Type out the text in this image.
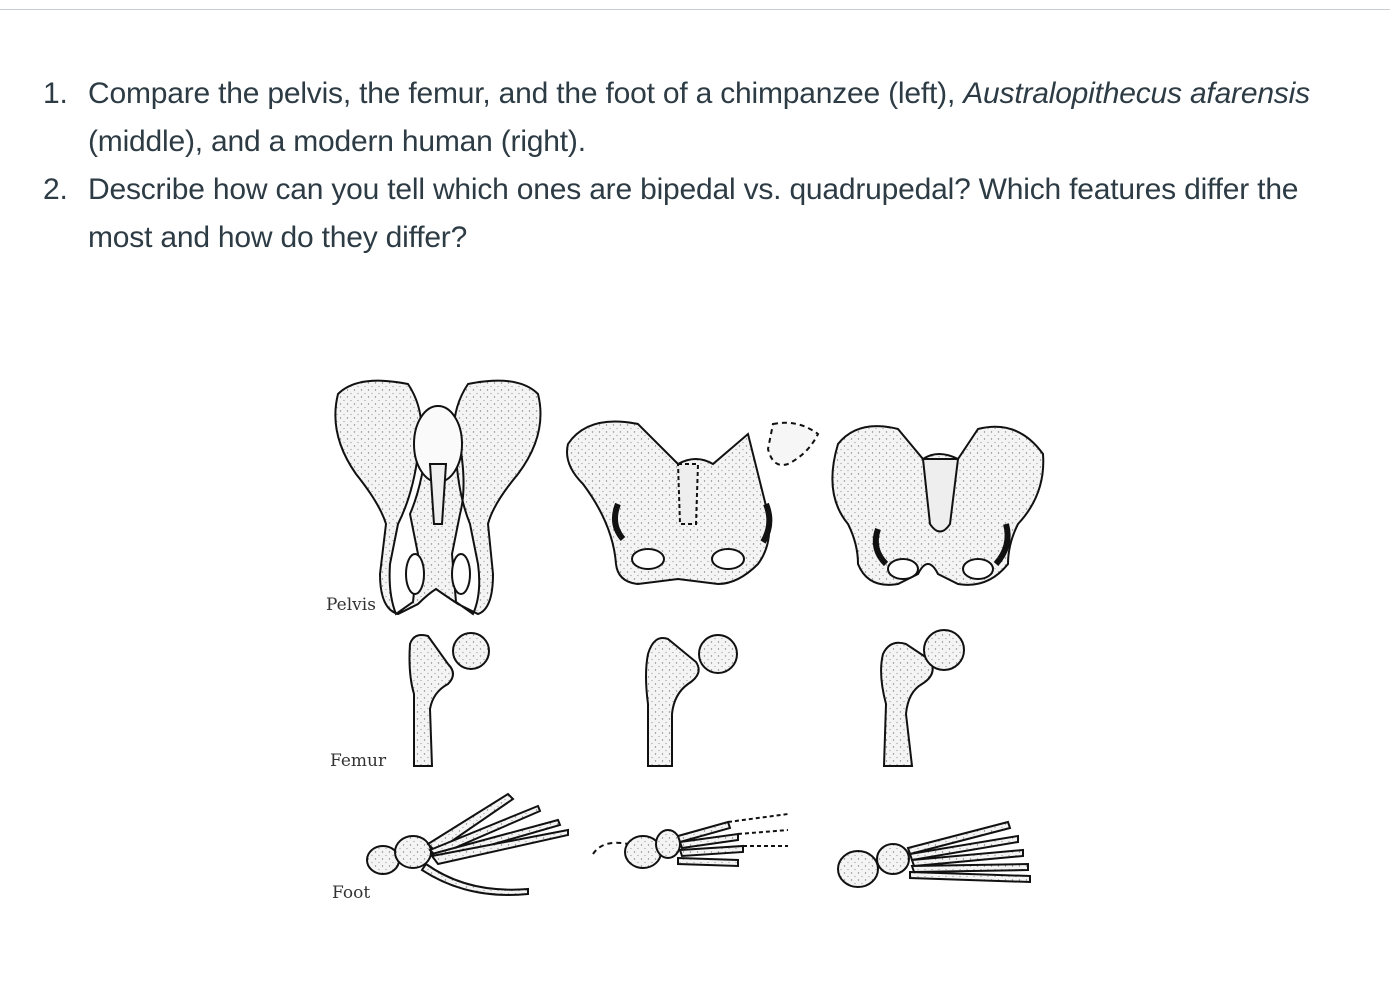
1. Compare the pelvis, the femur, and the foot of a chimpanzee (left), Australopithecus afarensis (middle), and a modern human (right).
2. Describe how can you tell which ones are bipedal vs. quadrupedal? Which features differ the most and how do they differ?
Pelvis
Femur
Foot
